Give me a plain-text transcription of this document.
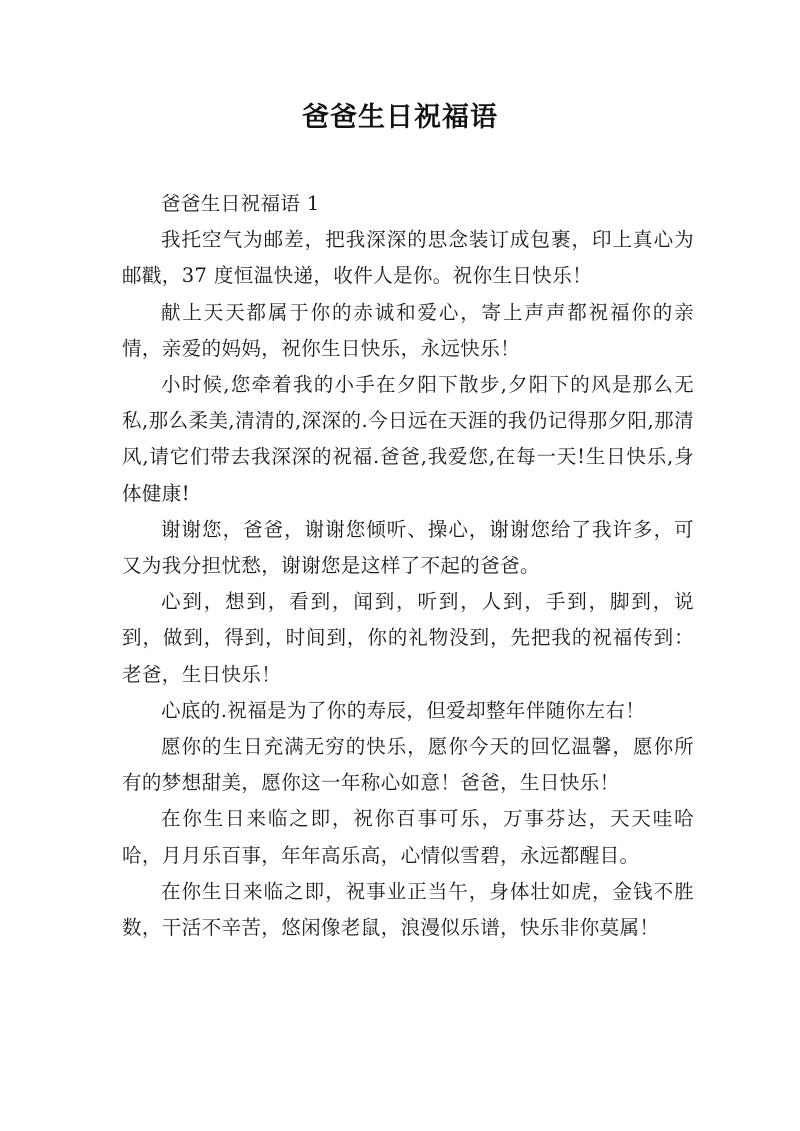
爸爸生日祝福语

爸爸生日祝福语 1

我托空气为邮差，把我深深的思念装订成包裹，印上真心为邮戳，37 度恒温快递，收件人是你。祝你生日快乐！

献上天天都属于你的赤诚和爱心，寄上声声都祝福你的亲情，亲爱的妈妈，祝你生日快乐，永远快乐！

小时候,您牵着我的小手在夕阳下散步,夕阳下的风是那么无私,那么柔美,清清的,深深的.今日远在天涯的我仍记得那夕阳,那清风,请它们带去我深深的祝福.爸爸,我爱您,在每一天!生日快乐,身体健康!

谢谢您，爸爸，谢谢您倾听、操心，谢谢您给了我许多，可又为我分担忧愁，谢谢您是这样了不起的爸爸。

心到，想到，看到，闻到，听到，人到，手到，脚到，说到，做到，得到，时间到，你的礼物没到，先把我的祝福传到：老爸，生日快乐！

心底的.祝福是为了你的寿辰，但爱却整年伴随你左右！

愿你的生日充满无穷的快乐，愿你今天的回忆温馨，愿你所有的梦想甜美，愿你这一年称心如意！爸爸，生日快乐！

在你生日来临之即，祝你百事可乐，万事芬达，天天哇哈哈，月月乐百事，年年高乐高，心情似雪碧，永远都醒目。

在你生日来临之即，祝事业正当午，身体壮如虎，金钱不胜数，干活不辛苦，悠闲像老鼠，浪漫似乐谱，快乐非你莫属！
